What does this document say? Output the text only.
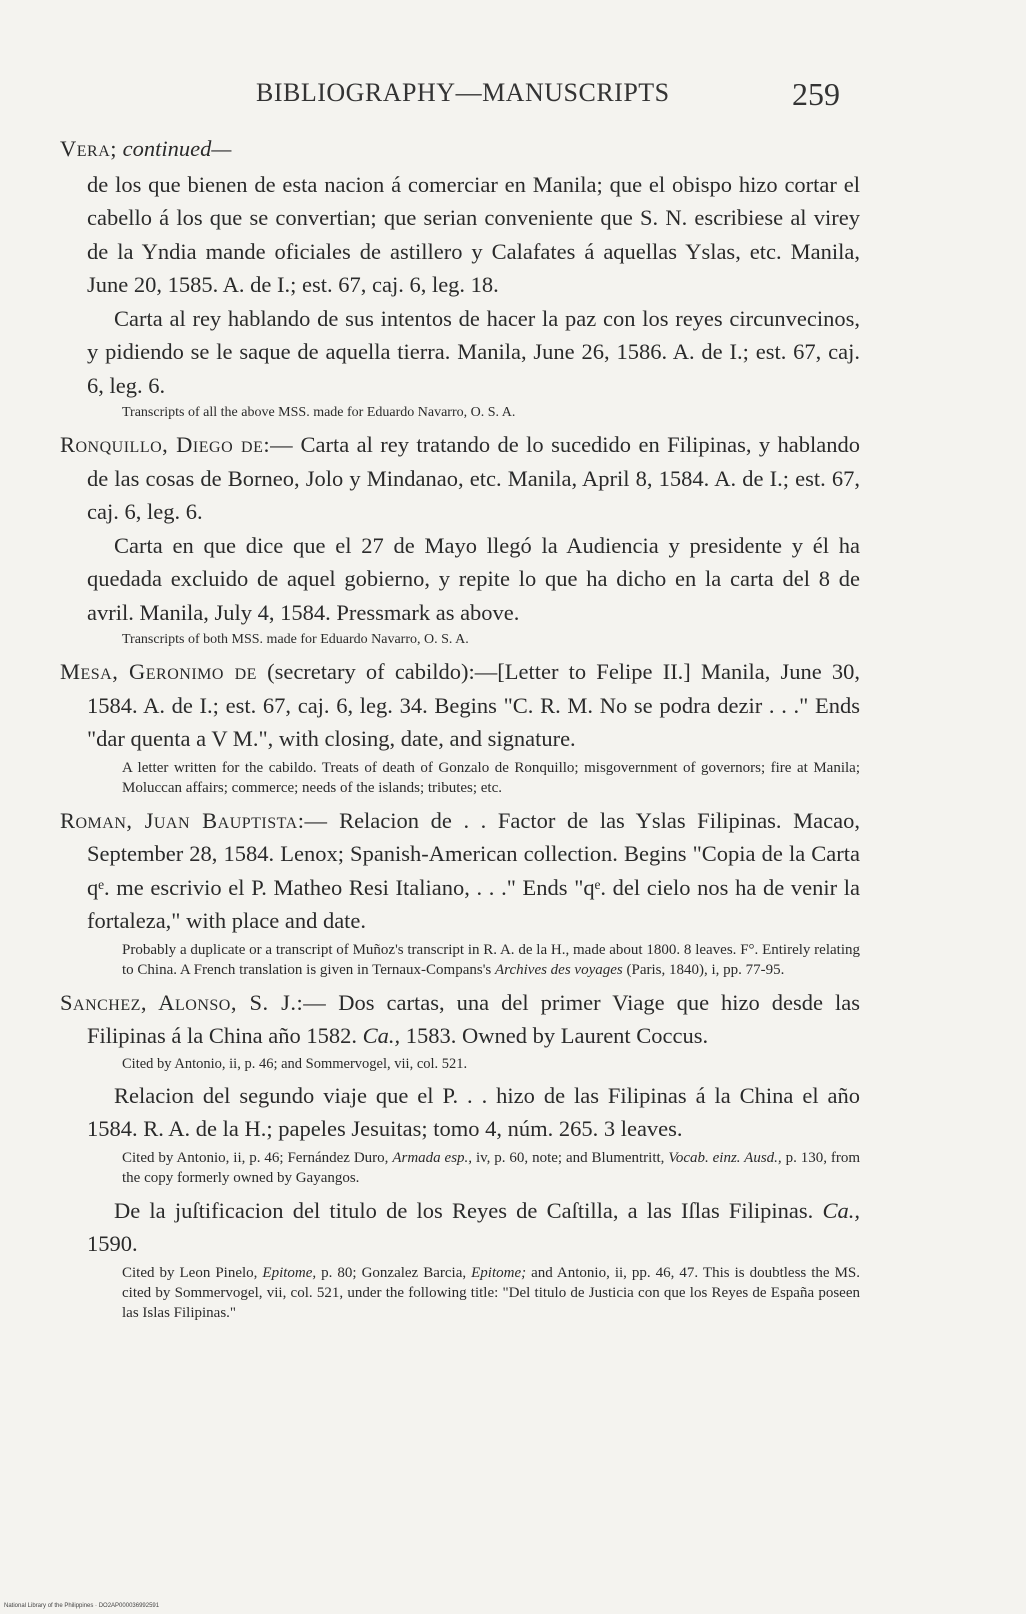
BIBLIOGRAPHY—MANUSCRIPTS	259

Vera; continued—

de los que bienen de esta nacion á comerciar en Manila; que el obispo hizo cortar el cabello á los que se convertian; que serian conveniente que S. N. escribiese al virey de la Yndia mande oficiales de astillero y Calafates á aquellas Yslas, etc. Manila, June 20, 1585. A. de I.; est. 67, caj. 6, leg. 18.

Carta al rey hablando de sus intentos de hacer la paz con los reyes circunvecinos, y pidiendo se le saque de aquella tierra. Manila, June 26, 1586. A. de I.; est. 67, caj. 6, leg. 6.

Transcripts of all the above MSS. made for Eduardo Navarro, O. S. A.

Ronquillo, Diego de:— Carta al rey tratando de lo sucedido en Filipinas, y hablando de las cosas de Borneo, Jolo y Mindanao, etc. Manila, April 8, 1584. A. de I.; est. 67, caj. 6, leg. 6.

Carta en que dice que el 27 de Mayo llegó la Audiencia y presidente y él ha quedada excluido de aquel gobierno, y repite lo que ha dicho en la carta del 8 de avril. Manila, July 4, 1584. Pressmark as above.

Transcripts of both MSS. made for Eduardo Navarro, O. S. A.

Mesa, Geronimo de (secretary of cabildo):—[Letter to Felipe II.] Manila, June 30, 1584. A. de I.; est. 67, caj. 6, leg. 34. Begins "C. R. M. No se podra dezir . . ." Ends "dar quenta a V M.", with closing, date, and signature.

A letter written for the cabildo. Treats of death of Gonzalo de Ronquillo; misgovernment of governors; fire at Manila; Moluccan affairs; commerce; needs of the islands; tributes; etc.

Roman, Juan Bauptista:— Relacion de . . Factor de las Yslas Filipinas. Macao, September 28, 1584. Lenox; Spanish-American collection. Begins "Copia de la Carta qᵉ. me escrivio el P. Matheo Resi Italiano, . . ." Ends "qᵉ. del cielo nos ha de venir la fortaleza," with place and date.

Probably a duplicate or a transcript of Muñoz's transcript in R. A. de la H., made about 1800. 8 leaves. F°. Entirely relating to China. A French translation is given in Ternaux-Compans's Archives des voyages (Paris, 1840), i, pp. 77-95.

Sanchez, Alonso, S. J.:— Dos cartas, una del primer Viage que hizo desde las Filipinas á la China año 1582. Ca., 1583. Owned by Laurent Coccus.

Cited by Antonio, ii, p. 46; and Sommervogel, vii, col. 521.

Relacion del segundo viaje que el P. . . hizo de las Filipinas á la China el año 1584. R. A. de la H.; papeles Jesuitas; tomo 4, núm. 265. 3 leaves.

Cited by Antonio, ii, p. 46; Fernández Duro, Armada esp., iv, p. 60, note; and Blumentritt, Vocab. einz. Ausd., p. 130, from the copy formerly owned by Gayangos.

De la juſtificacion del titulo de los Reyes de Caſtilla, a las Iſlas Filipinas. Ca., 1590.

Cited by Leon Pinelo, Epitome, p. 80; Gonzalez Barcia, Epitome; and Antonio, ii, pp. 46, 47. This is doubtless the MS. cited by Sommervogel, vii, col. 521, under the following title: "Del titulo de Justicia con que los Reyes de España poseen las Islas Filipinas."

National Library of the Philippines · DO2AP000036992591
